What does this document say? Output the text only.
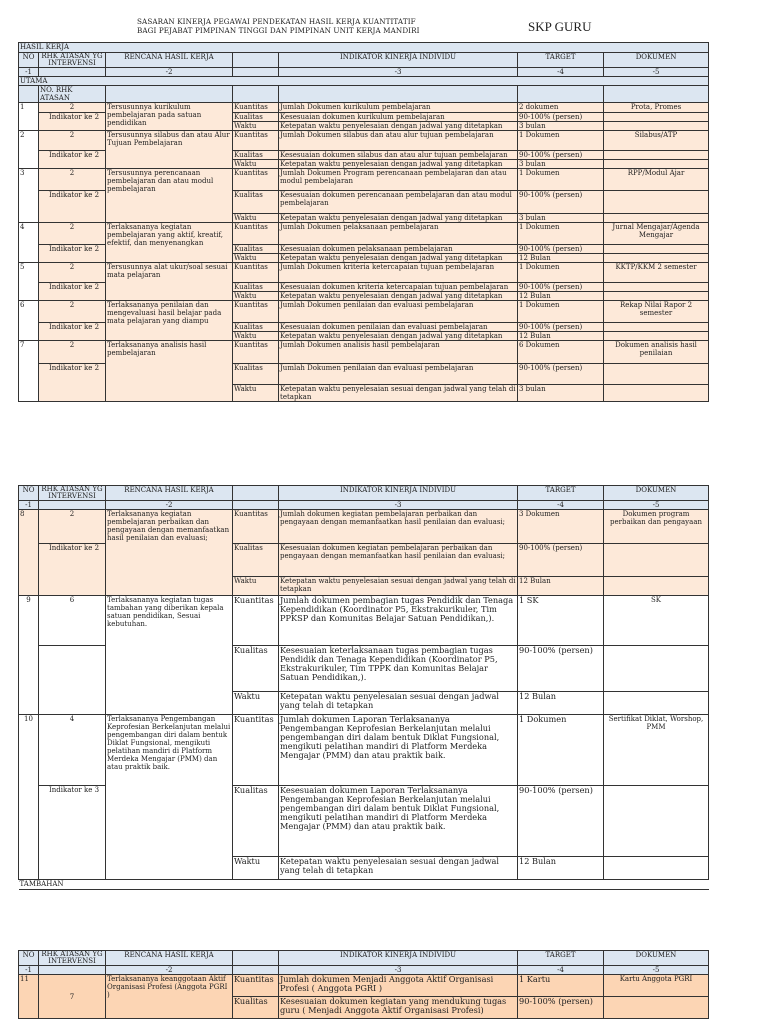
SASARAN KINERJA PEGAWAI PENDEKATAN HASIL KERJA KUANTITATIF
BAGI PEJABAT PIMPINAN TINGGI DAN PIMPINAN UNIT KERJA MANDIRI	SKP GURU
HASIL KERJA						
NO	RHK ATASAN YG INTERVENSI	RENCANA HASIL KERJA		INDIKATOR KINERJA INDIVIDU	TARGET	DOKUMEN
-1		-2		-3	-4	-5
UTAMA						
	NO. RHK ATASAN					
1	2	Tersusunnya kurikulum pembelajaran pada satuan pendidikan	Kuantitas	Jumlah Dokumen kurikulum pembelajaran	2 dokumen	Prota, Promes
	Indikator ke 2		Kualitas	Kesesuaian dokumen kurikulum pembelajaran	90-100% (persen)	
			Waktu	Ketepatan waktu penyelesaian dengan jadwal yang ditetapkan	3 bulan	
2	2	Tersusunnya silabus dan atau Alur Tujuan Pembelajaran	Kuantitas	Jumlah Dokumen silabus dan atau alur tujuan pembelajaran	1 Dokumen	Silabus/ATP
	Indikator ke 2		Kualitas	Kesesuaian dokumen silabus dan atau alur tujuan pembelajaran	90-100% (persen)	
			Waktu	Ketepatan waktu penyelesaian dengan jadwal yang ditetapkan	3 bulan	
3	2	Tersusunnya perencanaan pembelajaran dan atau modul pembelajaran	Kuantitas	Jumlah Dokumen Program perencanaan pembelajaran dan atau modul pembelajaran	1 Dokumen	RPP/Modul Ajar
	Indikator ke 2		Kualitas	Kesesuaian dokumen perencanaan pembelajaran dan atau modul pembelajaran	90-100% (persen)	
			Waktu	Ketepatan waktu penyelesaian dengan jadwal yang ditetapkan	3 bulan	
4	2	Terlaksananya kegiatan pembelajaran yang aktif, kreatif, efektif, dan menyenangkan	Kuantitas	Jumlah Dokumen pelaksanaan pembelajaran	1 Dokumen	Jurnal Mengajar/Agenda Mengajar
	Indikator ke 2		Kualitas	Kesesuaian dokumen pelaksanaan pembelajaran	90-100% (persen)	
			Waktu	Ketepatan waktu penyelesaian dengan jadwal yang ditetapkan	12 Bulan	
5	2	Tersusunnya alat ukur/soal sesuai mata pelajaran	Kuantitas	Jumlah Dokumen kriteria ketercapaian tujuan pembelajaran	1 Dokumen	KKTP/KKM 2 semester
	Indikator ke 2		Kualitas	Kesesuaian dokumen kriteria ketercapaian tujuan pembelajaran	90-100% (persen)	
			Waktu	Ketepatan waktu penyelesaian dengan jadwal yang ditetapkan	12 Bulan	
6	2	Terlaksananya penilaian dan mengevaluasi hasil belajar pada mata pelajaran yang diampu	Kuantitas	Jumlah Dokumen penilaian dan evaluasi pembelajaran	1 Dokumen	Rekap Nilai Rapor 2 semester
	Indikator ke 2		Kualitas	Kesesuaian dokumen penilaian dan evaluasi pembelajaran	90-100% (persen)	
			Waktu	Ketepatan waktu penyelesaian dengan jadwal yang ditetapkan	12 Bulan	
7	2	Terlaksananya analisis hasil pembelajaran	Kuantitas	Jumlah Dokumen analisis hasil pembelajaran	6 Dokumen	Dokumen analisis hasil penilaian
	Indikator ke 2		Kualitas	Jumlah Dokumen penilaian dan evaluasi pembelajaran	90-100% (persen)	
			Waktu	Ketepatan waktu penyelesaian sesuai dengan jadwal yang telah di tetapkan	3 bulan	
NO	RHK ATASAN YG INTERVENSI	RENCANA HASIL KERJA		INDIKATOR KINERJA INDIVIDU	TARGET	DOKUMEN
-1		-2		-3	-4	-5
8	2	Terlaksananya kegiatan pembelajaran perbaikan dan pengayaan dengan memanfaatkan hasil penilaian dan evaluasi;	Kuantitas	Jumlah dokumen kegiatan pembelajaran perbaikan dan pengayaan dengan memanfaatkan hasil penilaian dan evaluasi;	3 Dokumen	Dokumen program perbaikan dan pengayaan
	Indikator ke 2		Kualitas	Kesesuaian dokumen kegiatan pembelajaran perbaikan dan pengayaan dengan memanfaatkan hasil penilaian dan evaluasi;	90-100% (persen)	
			Waktu	Ketepatan waktu penyelesaian sesuai dengan jadwal yang telah di tetapkan	12 Bulan	
9	6	Terlaksananya kegiatan tugas tambahan yang diberikan kepala satuan pendidikan, Sesuai kebutuhan.	Kuantitas	Jumlah dokumen pembagian tugas Pendidik dan Tenaga Kependidikan (Koordinator P5, Ekstrakurikuler, Tim PPKSP dan Komunitas Belajar Satuan Pendidikan,).	1 SK	SK
			Kualitas	Kesesuaian keterlaksanaan tugas pembagian tugas Pendidik dan Tenaga Kependidikan (Koordinator P5, Ekstrakurikuler, Tim TPPK dan Komunitas Belajar Satuan Pendidikan,).	90-100% (persen)	
			Waktu	Ketepatan waktu penyelesaian sesuai dengan jadwal yang telah di tetapkan	12 Bulan	
10	4	Terlaksananya Pengembangan Keprofesian Berkelanjutan melalui pengembangan diri dalam bentuk Diklat Fungsional, mengikuti pelatihan mandiri di Platform Merdeka Mengajar (PMM) dan atau praktik baik.	Kuantitas	Jumlah dokumen Laporan Terlaksananya Pengembangan Keprofesian Berkelanjutan melalui pengembangan diri dalam bentuk Diklat Fungsional, mengikuti pelatihan mandiri di Platform Merdeka Mengajar (PMM) dan atau praktik baik.	1 Dokumen	Sertifikat Diklat, Worshop, PMM
	Indikator ke 3		Kualitas	Kesesuaian dokumen Laporan Terlaksananya Pengembangan Keprofesian Berkelanjutan melalui pengembangan diri dalam bentuk Diklat Fungsional, mengikuti pelatihan mandiri di Platform Merdeka Mengajar (PMM) dan atau praktik baik.	90-100% (persen)	
			Waktu	Ketepatan waktu penyelesaian sesuai dengan jadwal yang telah di tetapkan	12 Bulan	
TAMBAHAN						
NO	RHK ATASAN YG INTERVENSI	RENCANA HASIL KERJA		INDIKATOR KINERJA INDIVIDU	TARGET	DOKUMEN
-1		-2		-3	-4	-5
11	7	Terlaksananya keanggotaan Aktif Organisasi Profesi (Anggota PGRI )	Kuantitas	Jumlah dokumen Menjadi Anggota Aktif Organisasi Profesi ( Anggota PGRI )	1 Kartu	Kartu Anggota PGRI
			Kualitas	Kesesuaian dokumen kegiatan yang mendukung tugas guru ( Menjadi Anggota Aktif Organisasi Profesi)	90-100% (persen)	
